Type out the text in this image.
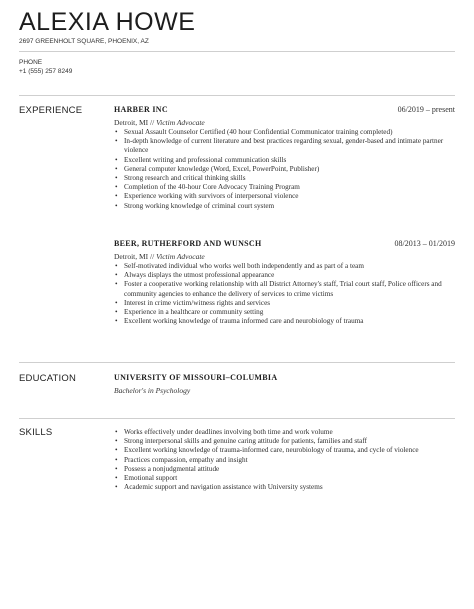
ALEXIA HOWE
2697 GREENHOLT SQUARE, PHOENIX, AZ
PHONE
+1 (555) 257 8249
EXPERIENCE	HARBER INC	06/2019 – present
Detroit, MI // Victim Advocate
• Sexual Assault Counselor Certified (40 hour Confidential Communicator training completed)
• In-depth knowledge of current literature and best practices regarding sexual, gender-based and intimate partner violence
• Excellent writing and professional communication skills
• General computer knowledge (Word, Excel, PowerPoint, Publisher)
• Strong research and critical thinking skills
• Completion of the 40-hour Core Advocacy Training Program
• Experience working with survivors of interpersonal violence
• Strong working knowledge of criminal court system
BEER, RUTHERFORD AND WUNSCH	08/2013 – 01/2019
Detroit, MI // Victim Advocate
• Self-motivated individual who works well both independently and as part of a team
• Always displays the utmost professional appearance
• Foster a cooperative working relationship with all District Attorney's staff, Trial court staff, Police officers and community agencies to enhance the delivery of services to crime victims
• Interest in crime victim/witness rights and services
• Experience in a healthcare or community setting
• Excellent working knowledge of trauma informed care and neurobiology of trauma
EDUCATION	UNIVERSITY OF MISSOURI–COLUMBIA
Bachelor's in Psychology
SKILLS
•	Works effectively under deadlines involving both time and work volume
• Strong interpersonal skills and genuine caring attitude for patients, families and staff
• Excellent working knowledge of trauma-informed care, neurobiology of trauma, and cycle of violence
• Practices compassion, empathy and insight
• Possess a nonjudgmental attitude
• Emotional support
• Academic support and navigation assistance with University systems
